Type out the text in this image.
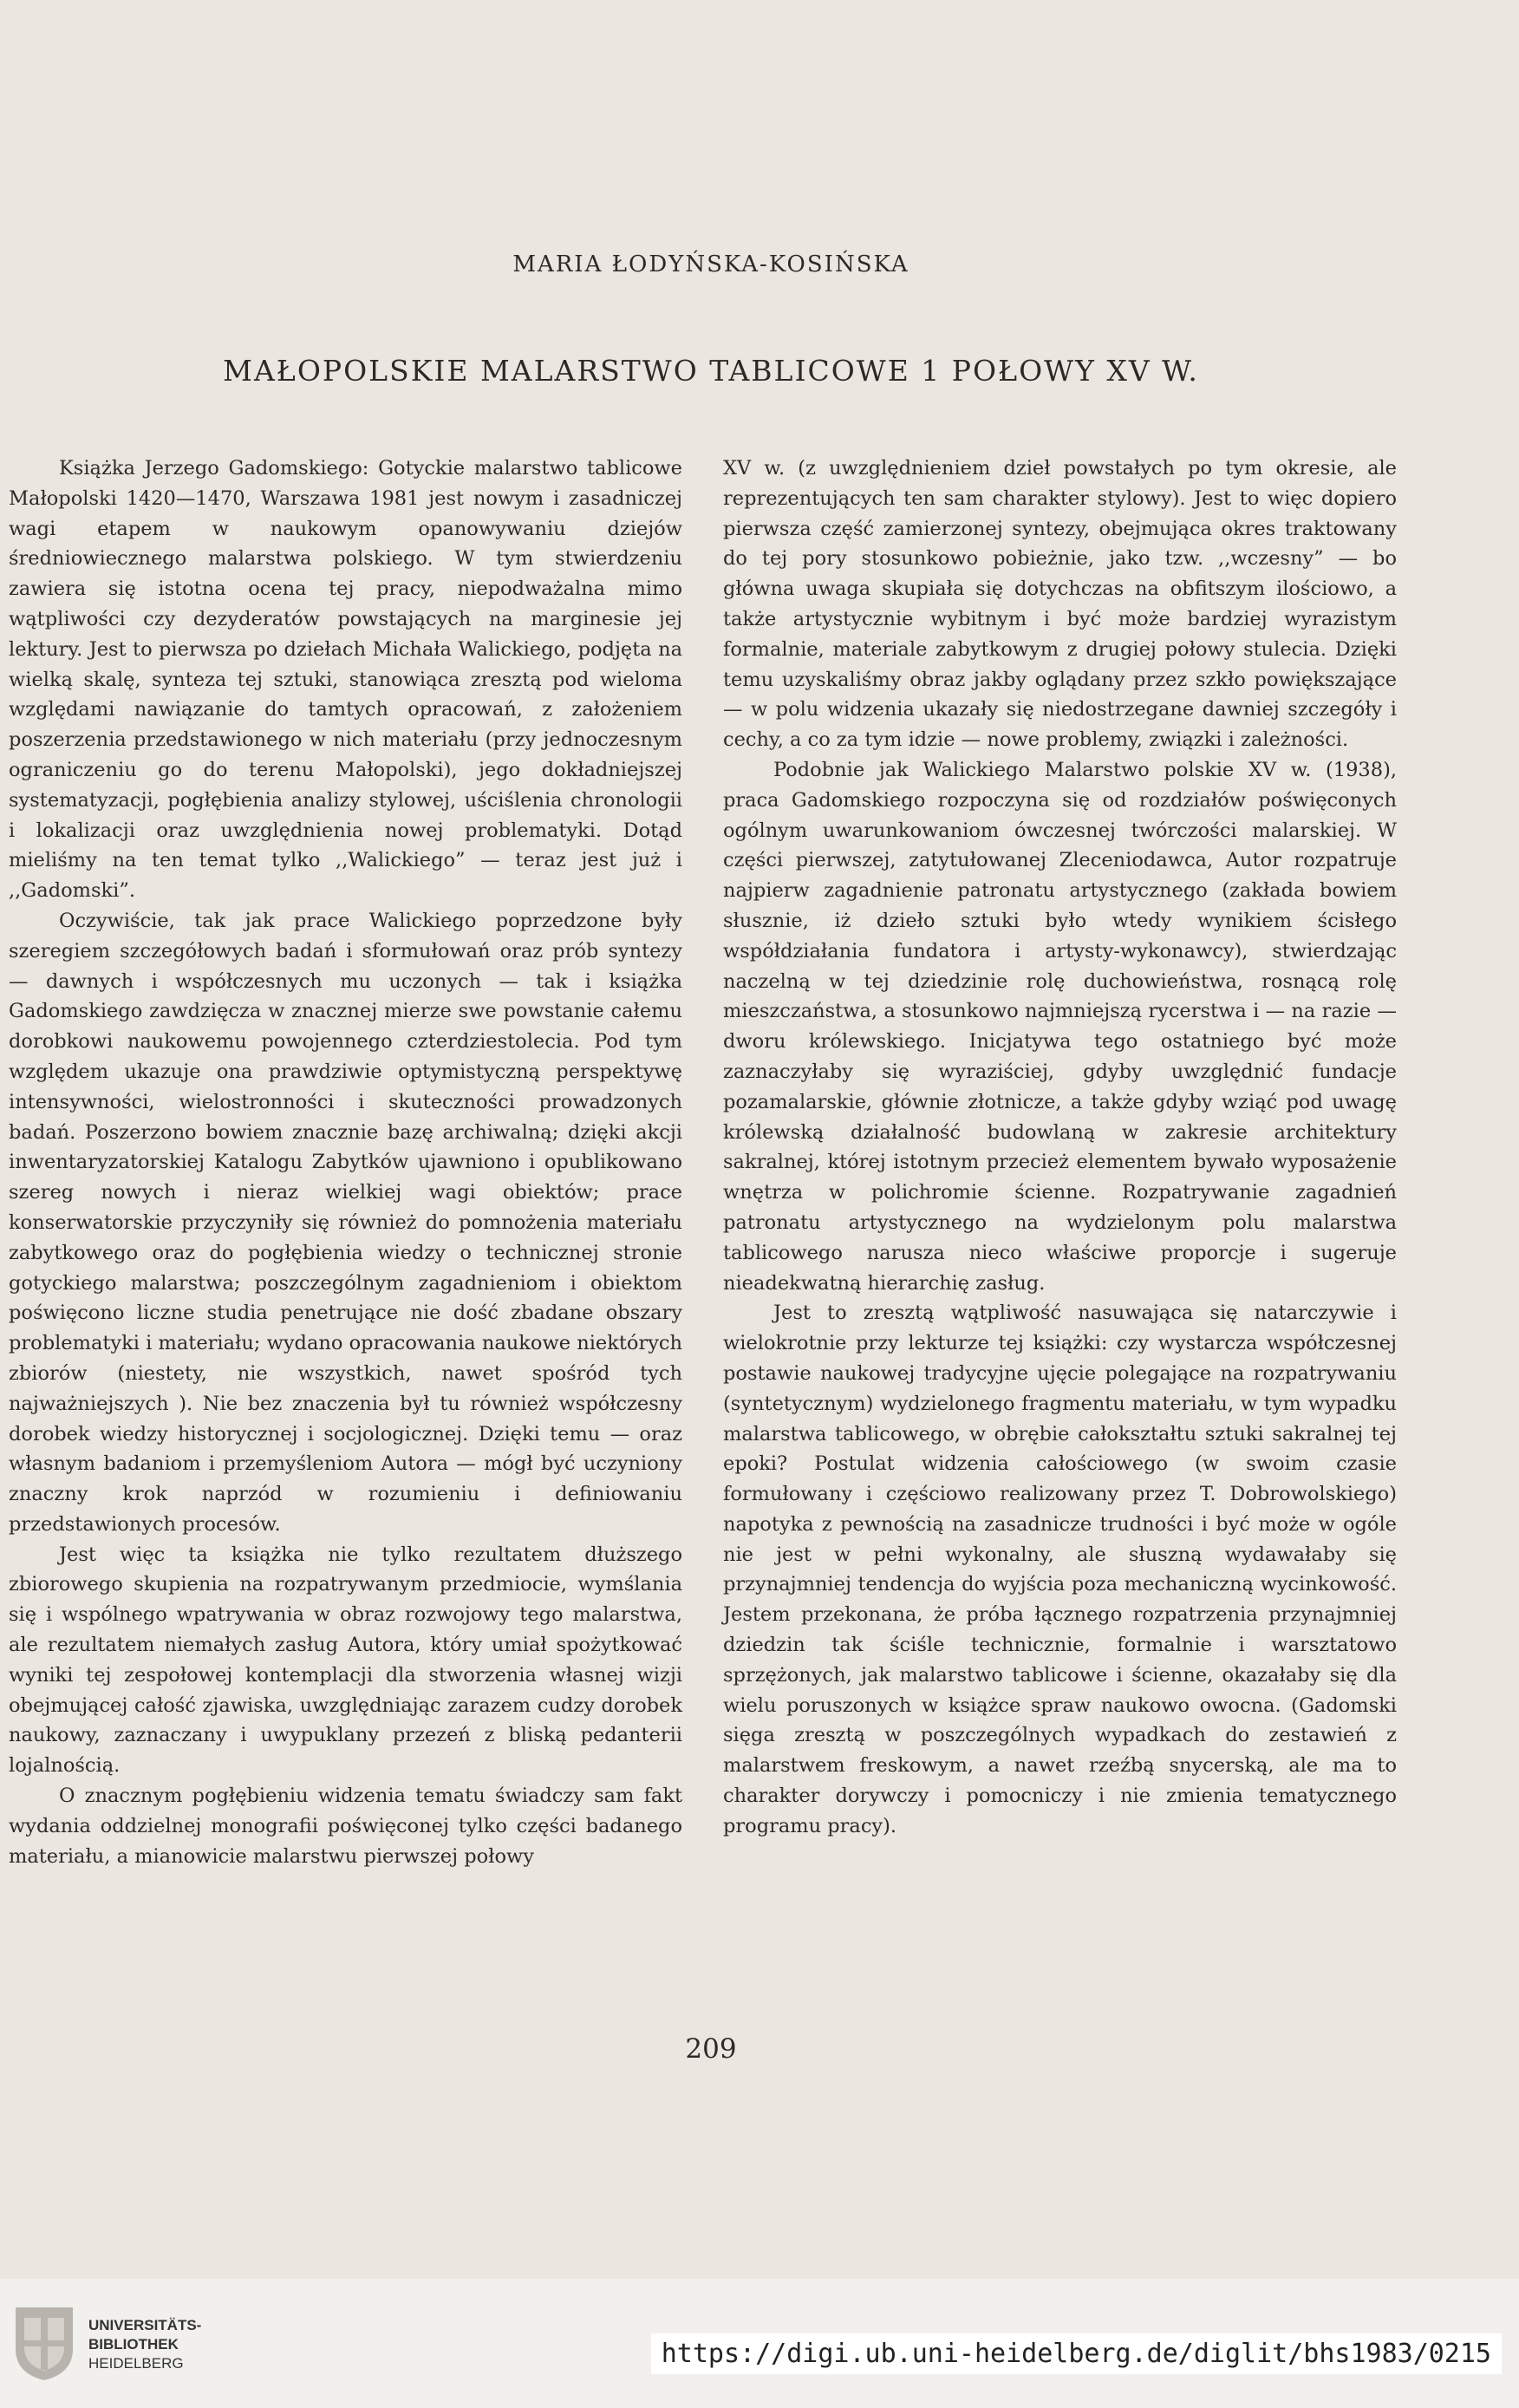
MARIA ŁODYŃSKA-KOSIŃSKA
MAŁOPOLSKIE MALARSTWO TABLICOWE 1 POŁOWY XV W.

Książka Jerzego Gadomskiego: Gotyckie malarstwo tablicowe Małopolski 1420—1470, Warszawa 1981 jest nowym i zasadniczej wagi etapem w naukowym opanowywaniu dziejów średniowiecznego malarstwa polskiego. W tym stwierdzeniu zawiera się istotna ocena tej pracy, niepodważalna mimo wątpliwości czy dezyderatów powstających na marginesie jej lektury. Jest to pierwsza po dziełach Michała Walickiego, podjęta na wielką skalę, synteza tej sztuki, stanowiąca zresztą pod wieloma względami nawiązanie do tamtych opracowań, z założeniem poszerzenia przedstawionego w nich materiału (przy jednoczesnym ograniczeniu go do terenu Małopolski), jego dokładniejszej systematyzacji, pogłębienia analizy stylowej, uściślenia chronologii i lokalizacji oraz uwzględnienia nowej problematyki. Dotąd mieliśmy na ten temat tylko ,,Walickiego” — teraz jest już i ,,Gadomski”.

Oczywiście, tak jak prace Walickiego poprzedzone były szeregiem szczegółowych badań i sformułowań oraz prób syntezy — dawnych i współczesnych mu uczonych — tak i książka Gadomskiego zawdzięcza w znacznej mierze swe powstanie całemu dorobkowi naukowemu powojennego czterdziestolecia. Pod tym względem ukazuje ona prawdziwie optymistyczną perspektywę intensywności, wielostronności i skuteczności prowadzonych badań. Poszerzono bowiem znacznie bazę archiwalną; dzięki akcji inwentaryzatorskiej Katalogu Zabytków ujawniono i opublikowano szereg nowych i nieraz wielkiej wagi obiektów; prace konserwatorskie przyczyniły się również do pomnożenia materiału zabytkowego oraz do pogłębienia wiedzy o technicznej stronie gotyckiego malarstwa; poszczególnym zagadnieniom i obiektom poświęcono liczne studia penetrujące nie dość zbadane obszary problematyki i materiału; wydano opracowania naukowe niektórych zbiorów (niestety, nie wszystkich, nawet spośród tych najważniejszych ). Nie bez znaczenia był tu również współczesny dorobek wiedzy historycznej i socjologicznej. Dzięki temu — oraz własnym badaniom i przemyśleniom Autora — mógł być uczyniony znaczny krok naprzód w rozumieniu i definiowaniu przedstawionych procesów.

Jest więc ta książka nie tylko rezultatem dłuższego zbiorowego skupienia na rozpatrywanym przedmiocie, wymślania się i wspólnego wpatrywania w obraz rozwojowy tego malarstwa, ale rezultatem niemałych zasług Autora, który umiał spożytkować wyniki tej zespołowej kontemplacji dla stworzenia własnej wizji obejmującej całość zjawiska, uwzględniając zarazem cudzy dorobek naukowy, zaznaczany i uwypuklany przezeń z bliską pedanterii lojalnością.

O znacznym pogłębieniu widzenia tematu świadczy sam fakt wydania oddzielnej monografii poświęconej tylko części badanego materiału, a mianowicie malarstwu pierwszej połowy

XV w. (z uwzględnieniem dzieł powstałych po tym okresie, ale reprezentujących ten sam charakter stylowy). Jest to więc dopiero pierwsza część zamierzonej syntezy, obejmująca okres traktowany do tej pory stosunkowo pobieżnie, jako tzw. ,,wczesny” — bo główna uwaga skupiała się dotychczas na obfitszym ilościowo, a także artystycznie wybitnym i być może bardziej wyrazistym formalnie, materiale zabytkowym z drugiej połowy stulecia. Dzięki temu uzyskaliśmy obraz jakby oglądany przez szkło powiększające — w polu widzenia ukazały się niedostrzegane dawniej szczegóły i cechy, a co za tym idzie — nowe problemy, związki i zależności.

Podobnie jak Walickiego Malarstwo polskie XV w. (1938), praca Gadomskiego rozpoczyna się od rozdziałów poświęconych ogólnym uwarunkowaniom ówczesnej twórczości malarskiej. W części pierwszej, zatytułowanej Zleceniodawca, Autor rozpatruje najpierw zagadnienie patronatu artystycznego (zakłada bowiem słusznie, iż dzieło sztuki było wtedy wynikiem ścisłego współdziałania fundatora i artysty-wykonawcy), stwierdzając naczelną w tej dziedzinie rolę duchowieństwa, rosnącą rolę mieszczaństwa, a stosunkowo najmniejszą rycerstwa i — na razie — dworu królewskiego. Inicjatywa tego ostatniego być może zaznaczyłaby się wyraziściej, gdyby uwzględnić fundacje pozamalarskie, głównie złotnicze, a także gdyby wziąć pod uwagę królewską działalność budowlaną w zakresie architektury sakralnej, której istotnym przecież elementem bywało wyposażenie wnętrza w polichromie ścienne. Rozpatrywanie zagadnień patronatu artystycznego na wydzielonym polu malarstwa tablicowego narusza nieco właściwe proporcje i sugeruje nieadekwatną hierarchię zasług.

Jest to zresztą wątpliwość nasuwająca się natarczywie i wielokrotnie przy lekturze tej książki: czy wystarcza współczesnej postawie naukowej tradycyjne ujęcie polegające na rozpatrywaniu (syntetycznym) wydzielonego fragmentu materiału, w tym wypadku malarstwa tablicowego, w obrębie całokształtu sztuki sakralnej tej epoki? Postulat widzenia całościowego (w swoim czasie formułowany i częściowo realizowany przez T. Dobrowolskiego) napotyka z pewnością na zasadnicze trudności i być może w ogóle nie jest w pełni wykonalny, ale słuszną wydawałaby się przynajmniej tendencja do wyjścia poza mechaniczną wycinkowość. Jestem przekonana, że próba łącznego rozpatrzenia przynajmniej dziedzin tak ściśle technicznie, formalnie i warsztatowo sprzężonych, jak malarstwo tablicowe i ścienne, okazałaby się dla wielu poruszonych w książce spraw naukowo owocna. (Gadomski sięga zresztą w poszczególnych wypadkach do zestawień z malarstwem freskowym, a nawet rzeźbą snycerską, ale ma to charakter dorywczy i pomocniczy i nie zmienia tematycznego programu pracy).

209
UNIVERSITÄTS-
BIBLIOTHEK
HEIDELBERG	https://digi.ub.uni-heidelberg.de/diglit/bhs1983/0215
